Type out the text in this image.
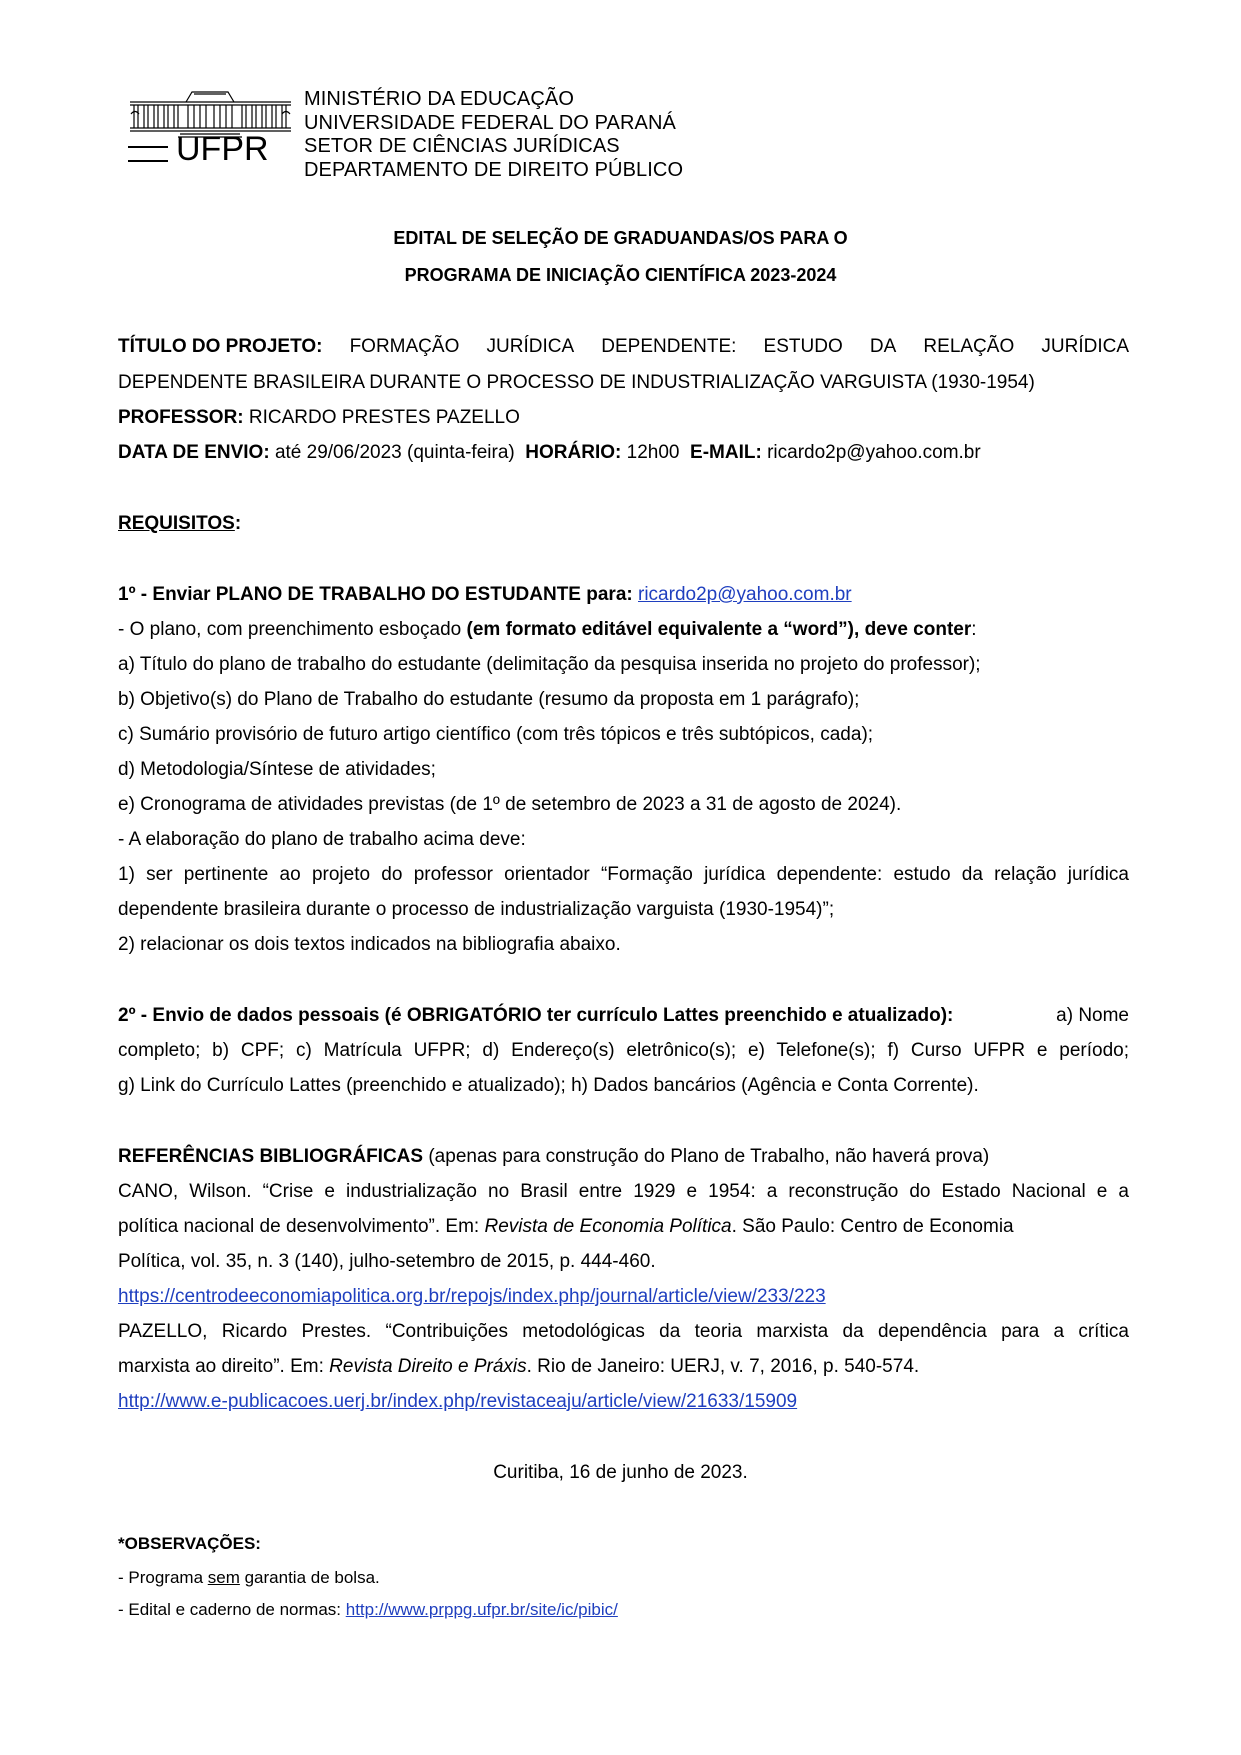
UFPR
MINISTÉRIO DA EDUCAÇÃO
UNIVERSIDADE FEDERAL DO PARANÁ
SETOR DE CIÊNCIAS JURÍDICAS
DEPARTAMENTO DE DIREITO PÚBLICO
EDITAL DE SELEÇÃO DE GRADUANDAS/OS PARA O
PROGRAMA DE INICIAÇÃO CIENTÍFICA 2023-2024
TÍTULO DO PROJETO: FORMAÇÃO JURÍDICA DEPENDENTE: ESTUDO DA RELAÇÃO JURÍDICA
DEPENDENTE BRASILEIRA DURANTE O PROCESSO DE INDUSTRIALIZAÇÃO VARGUISTA (1930-1954)
PROFESSOR: RICARDO PRESTES PAZELLO
DATA DE ENVIO: até 29/06/2023 (quinta-feira) HORÁRIO: 12h00 E-MAIL: ricardo2p@yahoo.com.br
REQUISITOS:
1º - Enviar PLANO DE TRABALHO DO ESTUDANTE para: ricardo2p@yahoo.com.br
- O plano, com preenchimento esboçado (em formato editável equivalente a “word”), deve conter:
a) Título do plano de trabalho do estudante (delimitação da pesquisa inserida no projeto do professor);
b) Objetivo(s) do Plano de Trabalho do estudante (resumo da proposta em 1 parágrafo);
c) Sumário provisório de futuro artigo científico (com três tópicos e três subtópicos, cada);
d) Metodologia/Síntese de atividades;
e) Cronograma de atividades previstas (de 1º de setembro de 2023 a 31 de agosto de 2024).
- A elaboração do plano de trabalho acima deve:
1) ser pertinente ao projeto do professor orientador “Formação jurídica dependente: estudo da relação jurídica
dependente brasileira durante o processo de industrialização varguista (1930-1954)”;
2) relacionar os dois textos indicados na bibliografia abaixo.
2º - Envio de dados pessoais (é OBRIGATÓRIO ter currículo Lattes preenchido e atualizado):	a) Nome
completo; b) CPF; c) Matrícula UFPR; d) Endereço(s) eletrônico(s); e) Telefone(s); f) Curso UFPR e período;
g) Link do Currículo Lattes (preenchido e atualizado); h) Dados bancários (Agência e Conta Corrente).
REFERÊNCIAS BIBLIOGRÁFICAS (apenas para construção do Plano de Trabalho, não haverá prova)
CANO, Wilson. “Crise e industrialização no Brasil entre 1929 e 1954: a reconstrução do Estado Nacional e a
política nacional de desenvolvimento”. Em: Revista de Economia Política. São Paulo: Centro de Economia
Política, vol. 35, n. 3 (140), julho-setembro de 2015, p. 444-460.
https://centrodeeconomiapolitica.org.br/repojs/index.php/journal/article/view/233/223
PAZELLO, Ricardo Prestes. “Contribuições metodológicas da teoria marxista da dependência para a crítica
marxista ao direito”. Em: Revista Direito e Práxis. Rio de Janeiro: UERJ, v. 7, 2016, p. 540-574.
http://www.e-publicacoes.uerj.br/index.php/revistaceaju/article/view/21633/15909
Curitiba, 16 de junho de 2023.
*OBSERVAÇÕES:
- Programa sem garantia de bolsa.
- Edital e caderno de normas: http://www.prppg.ufpr.br/site/ic/pibic/
